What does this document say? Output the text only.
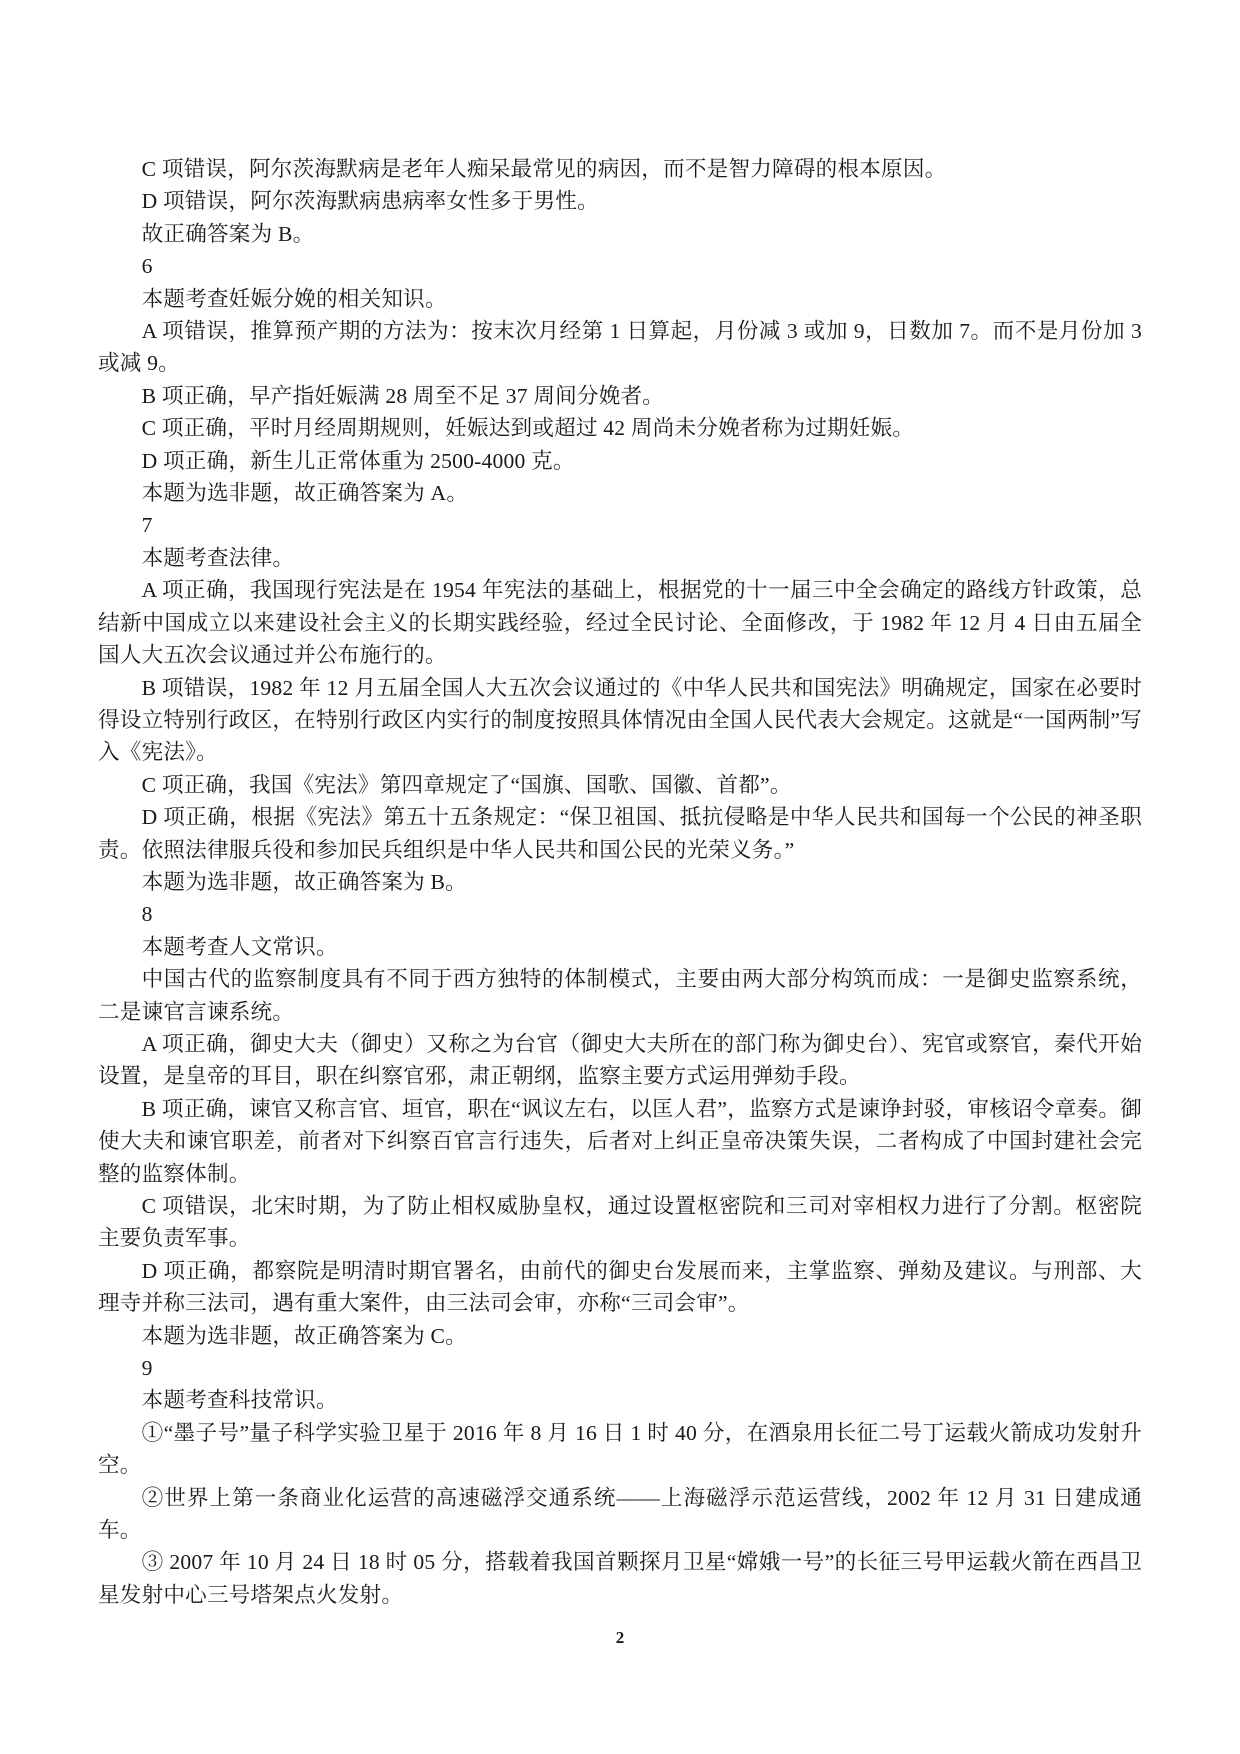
C 项错误，阿尔茨海默病是老年人痴呆最常见的病因，而不是智力障碍的根本原因。

D 项错误，阿尔茨海默病患病率女性多于男性。

故正确答案为 B。

6

本题考查妊娠分娩的相关知识。

A 项错误，推算预产期的方法为：按末次月经第 1 日算起，月份减 3 或加 9，日数加 7。而不是月份加 3 或减 9。

B 项正确，早产指妊娠满 28 周至不足 37 周间分娩者。

C 项正确，平时月经周期规则，妊娠达到或超过 42 周尚未分娩者称为过期妊娠。

D 项正确，新生儿正常体重为 2500-4000 克。

本题为选非题，故正确答案为 A。

7

本题考查法律。

A 项正确，我国现行宪法是在 1954 年宪法的基础上，根据党的十一届三中全会确定的路线方针政策，总结新中国成立以来建设社会主义的长期实践经验，经过全民讨论、全面修改，于 1982 年 12 月 4 日由五届全国人大五次会议通过并公布施行的。

B 项错误，1982 年 12 月五届全国人大五次会议通过的《中华人民共和国宪法》明确规定，国家在必要时得设立特别行政区，在特别行政区内实行的制度按照具体情况由全国人民代表大会规定。这就是“一国两制”写入《宪法》。

C 项正确，我国《宪法》第四章规定了“国旗、国歌、国徽、首都”。

D 项正确，根据《宪法》第五十五条规定：“保卫祖国、抵抗侵略是中华人民共和国每一个公民的神圣职责。依照法律服兵役和参加民兵组织是中华人民共和国公民的光荣义务。”

本题为选非题，故正确答案为 B。

8

本题考查人文常识。

中国古代的监察制度具有不同于西方独特的体制模式，主要由两大部分构筑而成：一是御史监察系统，二是谏官言谏系统。

A 项正确，御史大夫（御史）又称之为台官（御史大夫所在的部门称为御史台）、宪官或察官，秦代开始设置，是皇帝的耳目，职在纠察官邪，肃正朝纲，监察主要方式运用弹劾手段。

B 项正确，谏官又称言官、垣官，职在“讽议左右，以匡人君”，监察方式是谏诤封驳，审核诏令章奏。御使大夫和谏官职差，前者对下纠察百官言行违失，后者对上纠正皇帝决策失误，二者构成了中国封建社会完整的监察体制。

C 项错误，北宋时期，为了防止相权威胁皇权，通过设置枢密院和三司对宰相权力进行了分割。枢密院主要负责军事。

D 项正确，都察院是明清时期官署名，由前代的御史台发展而来，主掌监察、弹劾及建议。与刑部、大理寺并称三法司，遇有重大案件，由三法司会审，亦称“三司会审”。

本题为选非题，故正确答案为 C。

9

本题考查科技常识。

①“墨子号”量子科学实验卫星于 2016 年 8 月 16 日 1 时 40 分，在酒泉用长征二号丁运载火箭成功发射升空。

②世界上第一条商业化运营的高速磁浮交通系统——上海磁浮示范运营线，2002 年 12 月 31 日建成通车。

③ 2007 年 10 月 24 日 18 时 05 分，搭载着我国首颗探月卫星“嫦娥一号”的长征三号甲运载火箭在西昌卫星发射中心三号塔架点火发射。

2
